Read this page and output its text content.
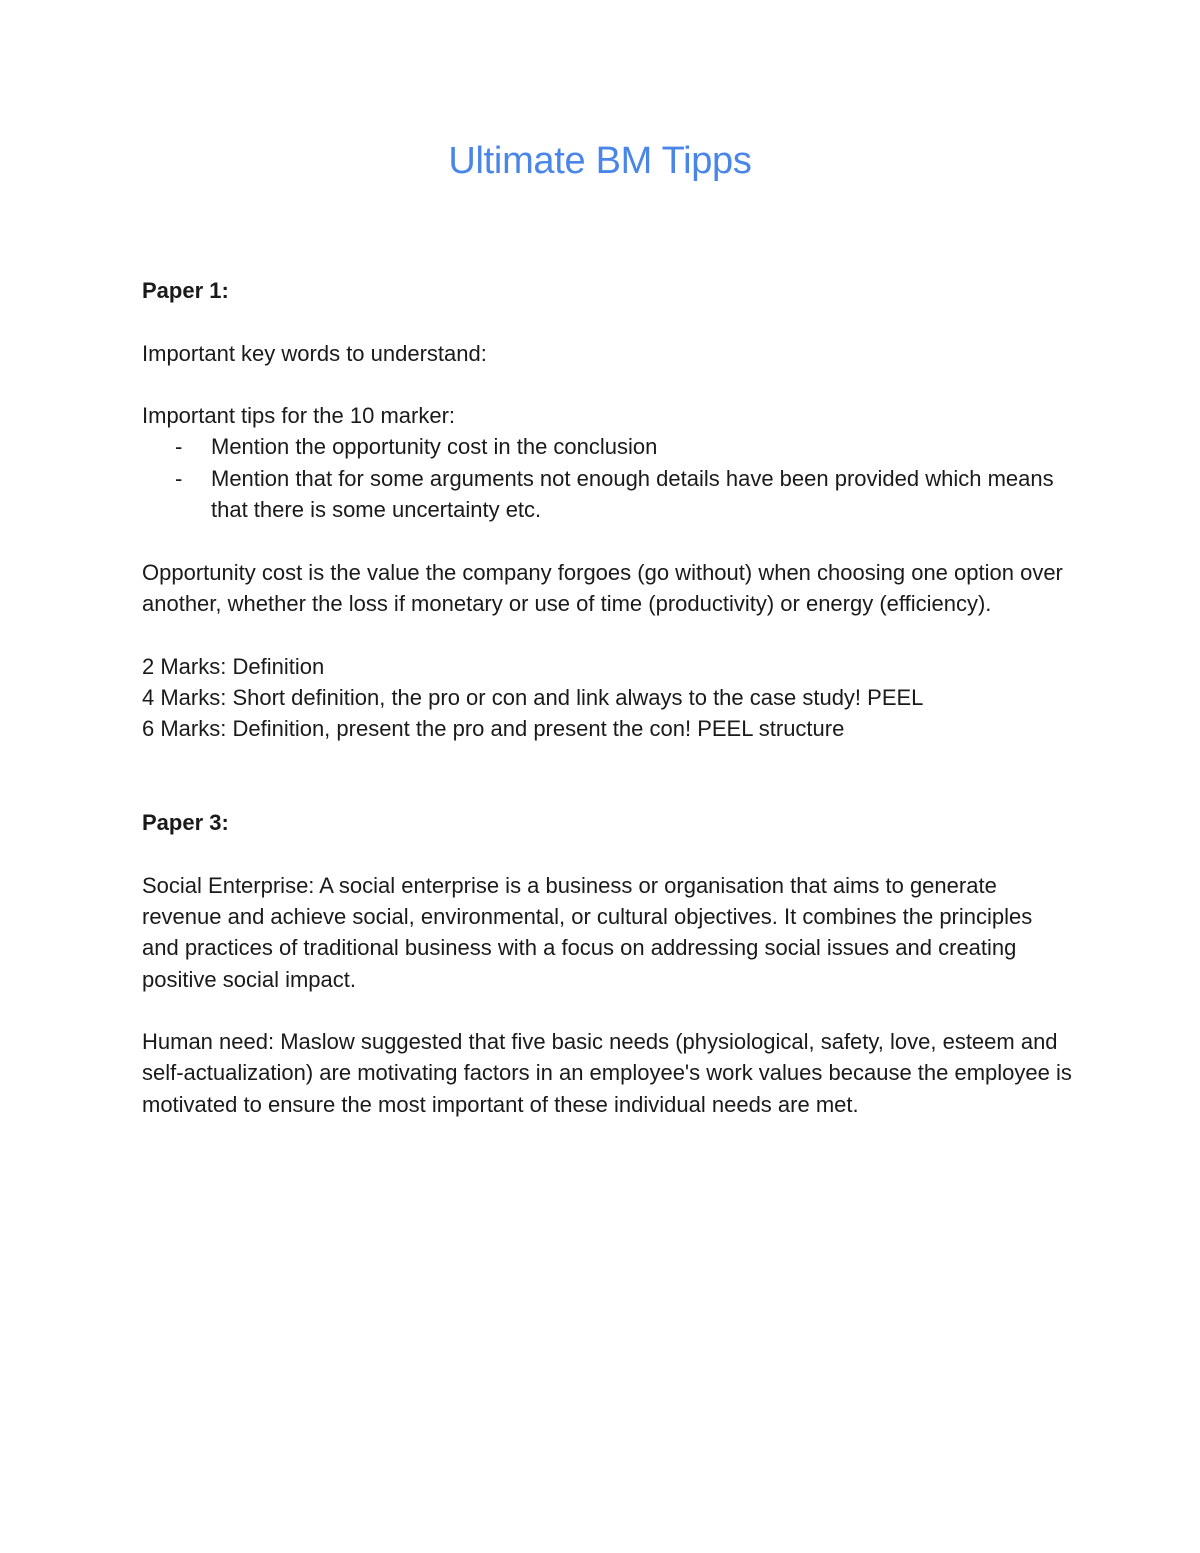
Ultimate BM Tipps

Paper 1:

Important key words to understand:

Important tips for the 10 marker:

- Mention the opportunity cost in the conclusion
- Mention that for some arguments not enough details have been provided which means that there is some uncertainty etc.

Opportunity cost is the value the company forgoes (go without) when choosing one option over another, whether the loss if monetary or use of time (productivity) or energy (efficiency).

2 Marks: Definition

4 Marks: Short definition, the pro or con and link always to the case study! PEEL

6 Marks: Definition, present the pro and present the con! PEEL structure

Paper 3:

Social Enterprise: A social enterprise is a business or organisation that aims to generate revenue and achieve social, environmental, or cultural objectives. It combines the principles and practices of traditional business with a focus on addressing social issues and creating positive social impact.

Human need: Maslow suggested that five basic needs (physiological, safety, love, esteem and self-actualization) are motivating factors in an employee's work values because the employee is motivated to ensure the most important of these individual needs are met.
